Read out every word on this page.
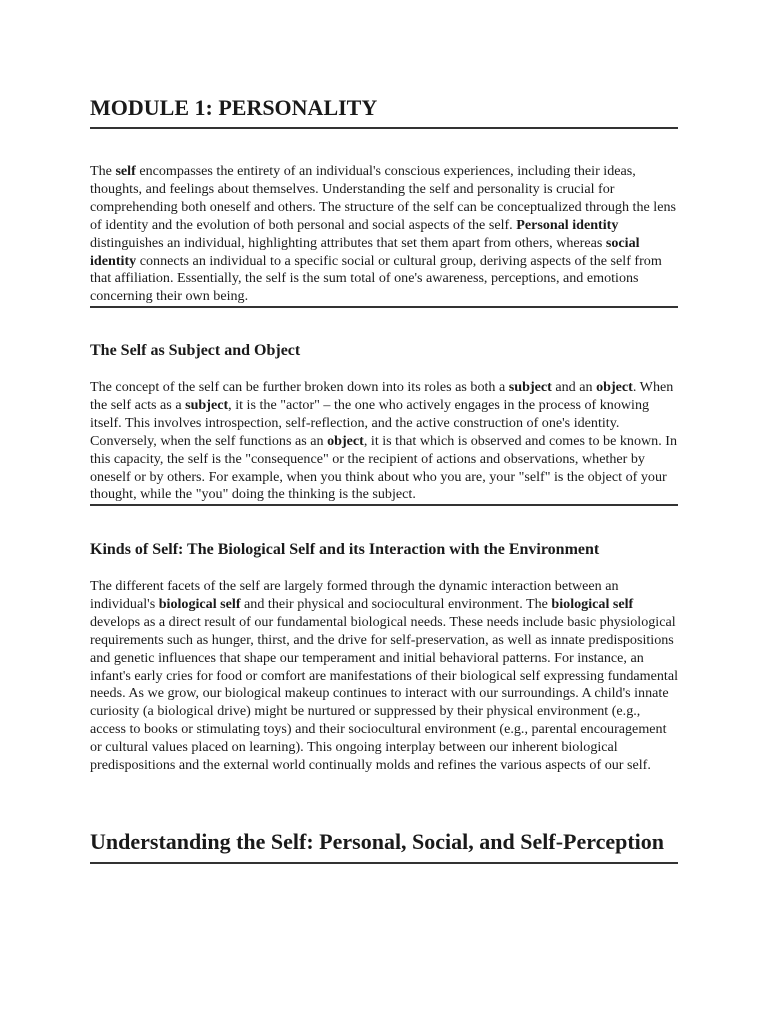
MODULE 1: PERSONALITY

The self encompasses the entirety of an individual's conscious experiences, including their ideas, thoughts, and feelings about themselves. Understanding the self and personality is crucial for comprehending both oneself and others. The structure of the self can be conceptualized through the lens of identity and the evolution of both personal and social aspects of the self. Personal identity distinguishes an individual, highlighting attributes that set them apart from others, whereas social identity connects an individual to a specific social or cultural group, deriving aspects of the self from that affiliation. Essentially, the self is the sum total of one's awareness, perceptions, and emotions concerning their own being.

The Self as Subject and Object

The concept of the self can be further broken down into its roles as both a subject and an object. When the self acts as a subject, it is the "actor" – the one who actively engages in the process of knowing itself. This involves introspection, self-reflection, and the active construction of one's identity. Conversely, when the self functions as an object, it is that which is observed and comes to be known. In this capacity, the self is the "consequence" or the recipient of actions and observations, whether by oneself or by others. For example, when you think about who you are, your "self" is the object of your thought, while the "you" doing the thinking is the subject.

Kinds of Self: The Biological Self and its Interaction with the Environment

The different facets of the self are largely formed through the dynamic interaction between an individual's biological self and their physical and sociocultural environment. The biological self develops as a direct result of our fundamental biological needs. These needs include basic physiological requirements such as hunger, thirst, and the drive for self-preservation, as well as innate predispositions and genetic influences that shape our temperament and initial behavioral patterns. For instance, an infant's early cries for food or comfort are manifestations of their biological self expressing fundamental needs. As we grow, our biological makeup continues to interact with our surroundings. A child's innate curiosity (a biological drive) might be nurtured or suppressed by their physical environment (e.g., access to books or stimulating toys) and their sociocultural environment (e.g., parental encouragement or cultural values placed on learning). This ongoing interplay between our inherent biological predispositions and the external world continually molds and refines the various aspects of our self.

Understanding the Self: Personal, Social, and Self-Perception
